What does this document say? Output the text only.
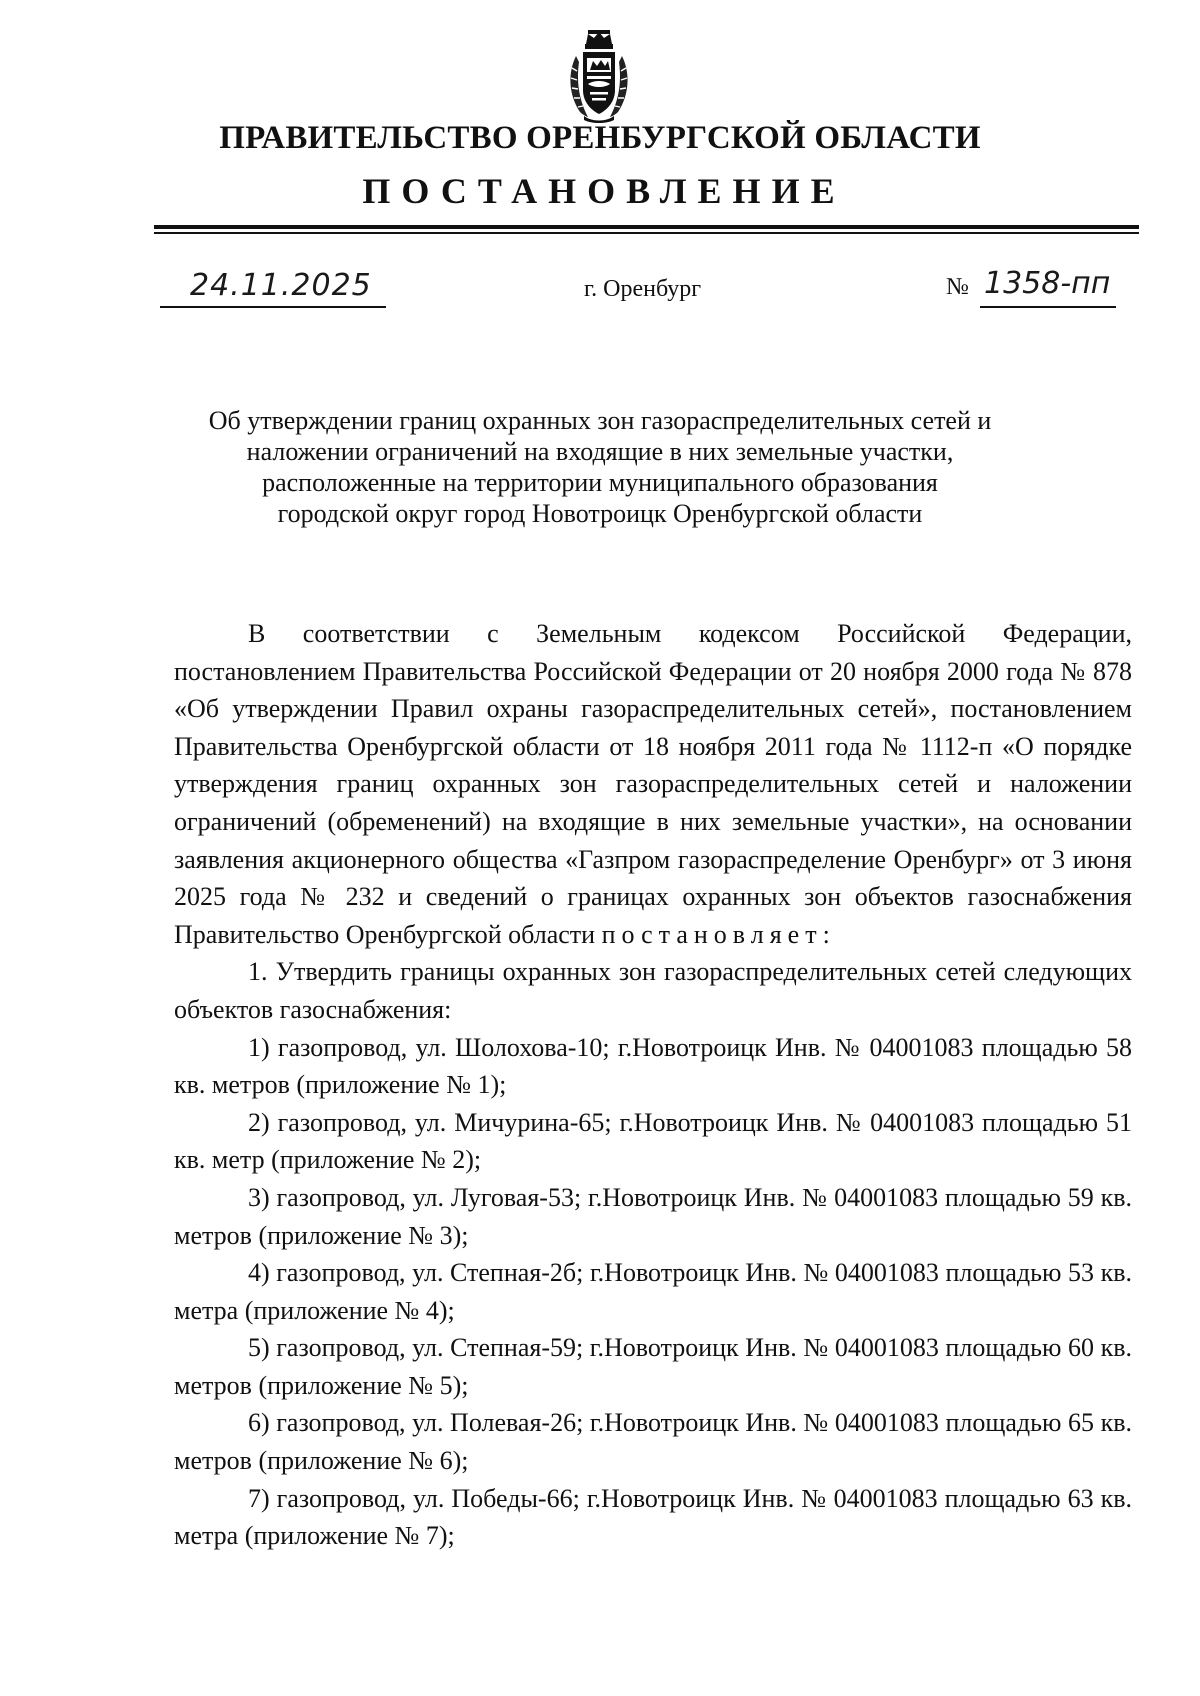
ПРАВИТЕЛЬСТВО ОРЕНБУРГСКОЙ ОБЛАСТИ
ПОСТАНОВЛЕНИЕ
24.11.2025	г. Оренбург	№ 1358-пп
Об утверждении границ охранных зон газораспределительных сетей и
наложении ограничений на входящие в них земельные участки,
расположенные на территории муниципального образования
городской округ город Новотроицк Оренбургской области

В соответствии с Земельным кодексом Российской Федерации, постановлением Правительства Российской Федерации от 20 ноября 2000 года № 878 «Об утверждении Правил охраны газораспределительных сетей», постановлением Правительства Оренбургской области от 18 ноября 2011 года № 1112-п «О порядке утверждения границ охранных зон газораспределительных сетей и наложении ограничений (обременений) на входящие в них земельные участки», на основании заявления акционерного общества «Газпром газораспределение Оренбург» от 3 июня 2025 года № 232 и сведений о границах охранных зон объектов газоснабжения Правительство Оренбургской области постановляет:

1. Утвердить границы охранных зон газораспределительных сетей следующих объектов газоснабжения:

1) газопровод, ул. Шолохова-10; г.Новотроицк Инв. № 04001083 площадью 58 кв. метров (приложение № 1);

2) газопровод, ул. Мичурина-65; г.Новотроицк Инв. № 04001083 площадью 51 кв. метр (приложение № 2);

3) газопровод, ул. Луговая-53; г.Новотроицк Инв. № 04001083 площадью 59 кв. метров (приложение № 3);

4) газопровод, ул. Степная-2б; г.Новотроицк Инв. № 04001083 площадью 53 кв. метра (приложение № 4);

5) газопровод, ул. Степная-59; г.Новотроицк Инв. № 04001083 площадью 60 кв. метров (приложение № 5);

6) газопровод, ул. Полевая-26; г.Новотроицк Инв. № 04001083 площадью 65 кв. метров (приложение № 6);

7) газопровод, ул. Победы-66; г.Новотроицк Инв. № 04001083 площадью 63 кв. метра (приложение № 7);
